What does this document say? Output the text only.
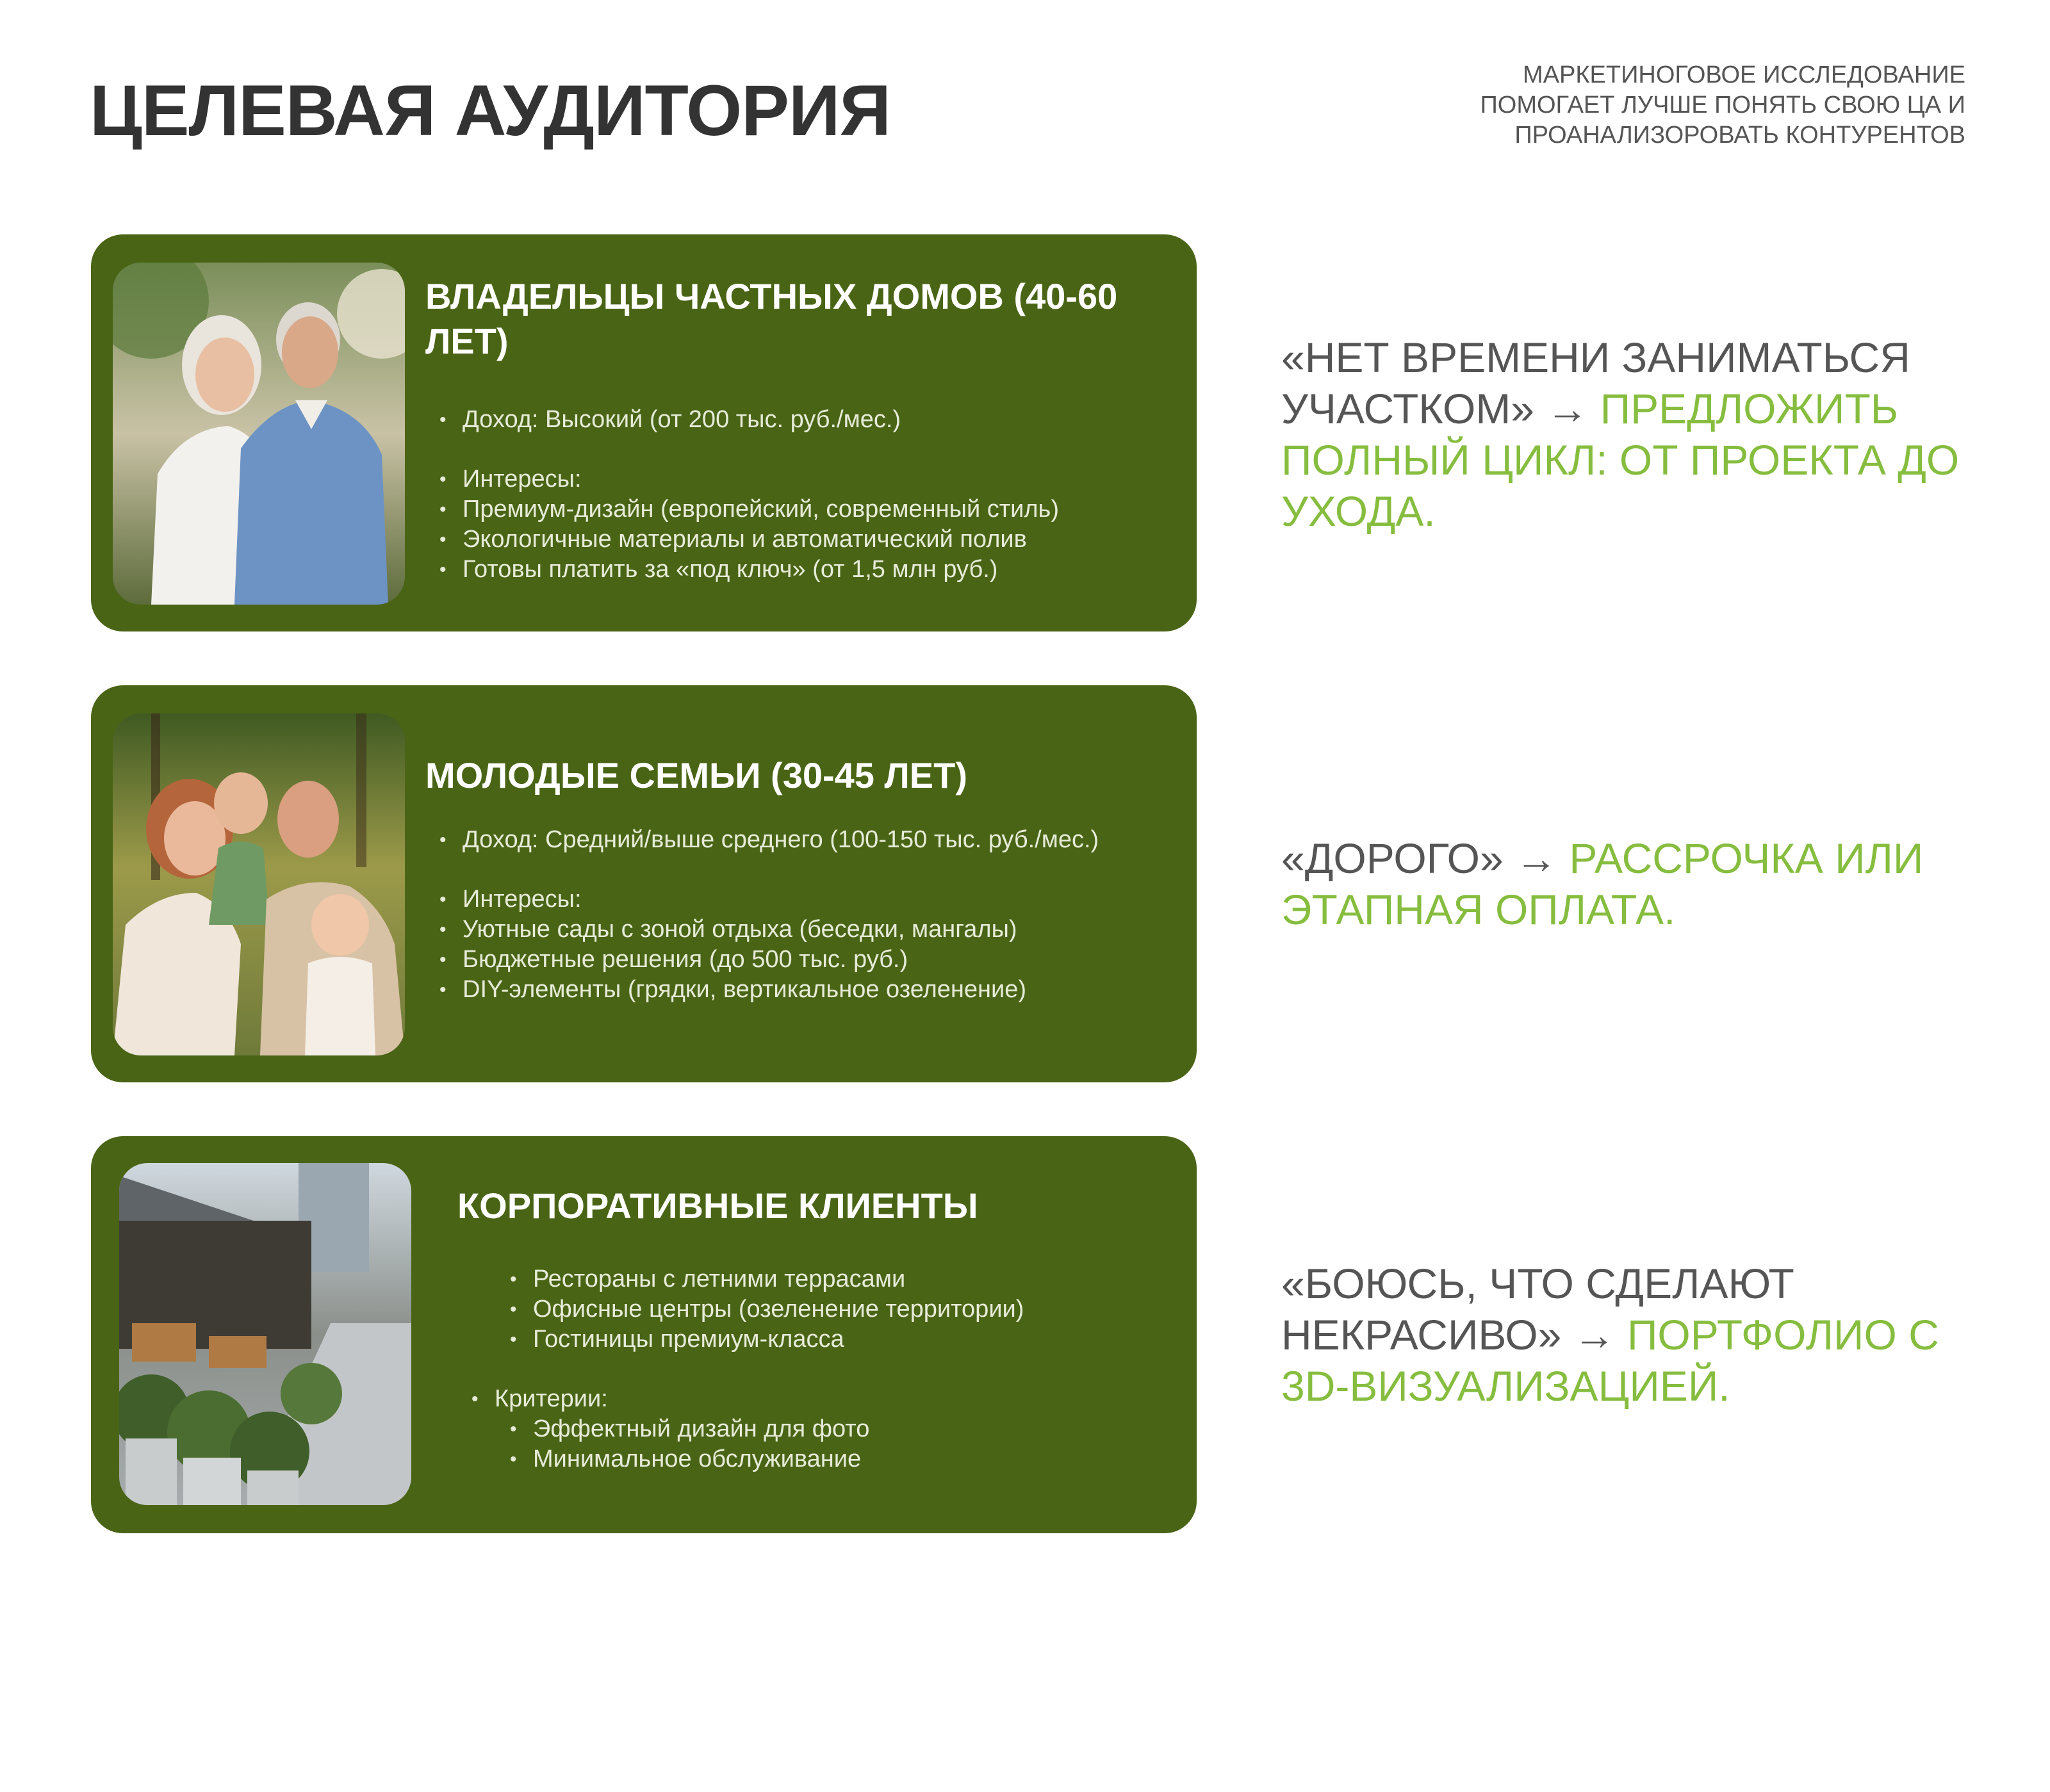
ЦЕЛЕВАЯ АУДИТОРИЯ	МАРКЕТИНОГОВОЕ ИССЛЕДОВАНИЕ
ПОМОГАЕТ ЛУЧШЕ ПОНЯТЬ СВОЮ ЦА И
ПРОАНАЛИЗОРОВАТЬ КОНТУРЕНТОВ
ВЛАДЕЛЬЦЫ ЧАСТНЫХ ДОМОВ (40-60 ЛЕТ)
• Доход: Высокий (от 200 тыс. руб./мес.)
• Интересы:
• Премиум-дизайн (европейский, современный стиль)
• Экологичные материалы и автоматический полив
• Готовы платить за «под ключ» (от 1,5 млн руб.)
МОЛОДЫЕ СЕМЬИ (30-45 ЛЕТ)
• Доход: Средний/выше среднего (100-150 тыс. руб./мес.)
• Интересы:
• Уютные сады с зоной отдыха (беседки, мангалы)
• Бюджетные решения (до 500 тыс. руб.)
• DIY-элементы (грядки, вертикальное озеленение)
КОРПОРАТИВНЫЕ КЛИЕНТЫ
• Рестораны с летними террасами
• Офисные центры (озеленение территории)
• Гостиницы премиум-класса
• Критерии:
• Эффектный дизайн для фото
• Минимальное обслуживание
«НЕТ ВРЕМЕНИ ЗАНИМАТЬСЯ УЧАСТКОМ» → ПРЕДЛОЖИТЬ ПОЛНЫЙ ЦИКЛ: ОТ ПРОЕКТА ДО УХОДА.
«ДОРОГО» → РАССРОЧКА ИЛИ ЭТАПНАЯ ОПЛАТА.
«БОЮСЬ, ЧТО СДЕЛАЮТ НЕКРАСИВО» → ПОРТФОЛИО С 3D-ВИЗУАЛИЗАЦИЕЙ.
